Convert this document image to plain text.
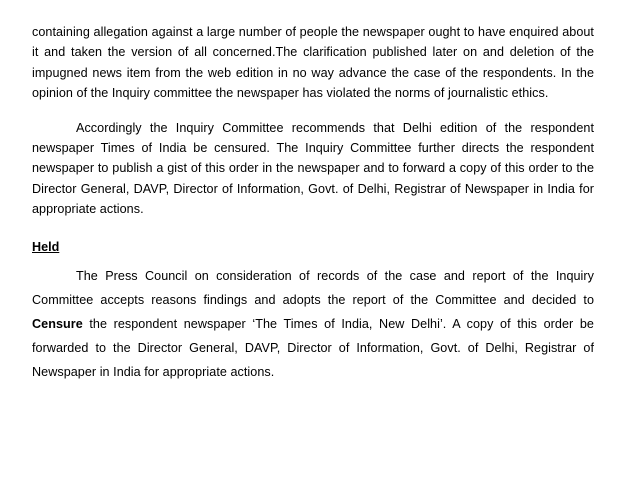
containing allegation against a large number of people the newspaper ought to have enquired about it and taken the version of all concerned.The clarification published later on and deletion of the impugned news item from the web edition in no way advance the case of the respondents. In the opinion of the Inquiry committee the newspaper has violated the norms of journalistic ethics.

Accordingly the Inquiry Committee recommends that Delhi edition of the respondent newspaper Times of India be censured. The Inquiry Committee further directs the respondent newspaper to publish a gist of this order in the newspaper and to forward a copy of this order to the Director General, DAVP, Director of Information, Govt. of Delhi, Registrar of Newspaper in India for appropriate actions.

Held

The Press Council on consideration of records of the case and report of the Inquiry Committee accepts reasons findings and adopts the report of the Committee and decided to Censure the respondent newspaper ‘The Times of India, New Delhi’. A copy of this order be forwarded to the Director General, DAVP, Director of Information, Govt. of Delhi, Registrar of Newspaper in India for appropriate actions.
